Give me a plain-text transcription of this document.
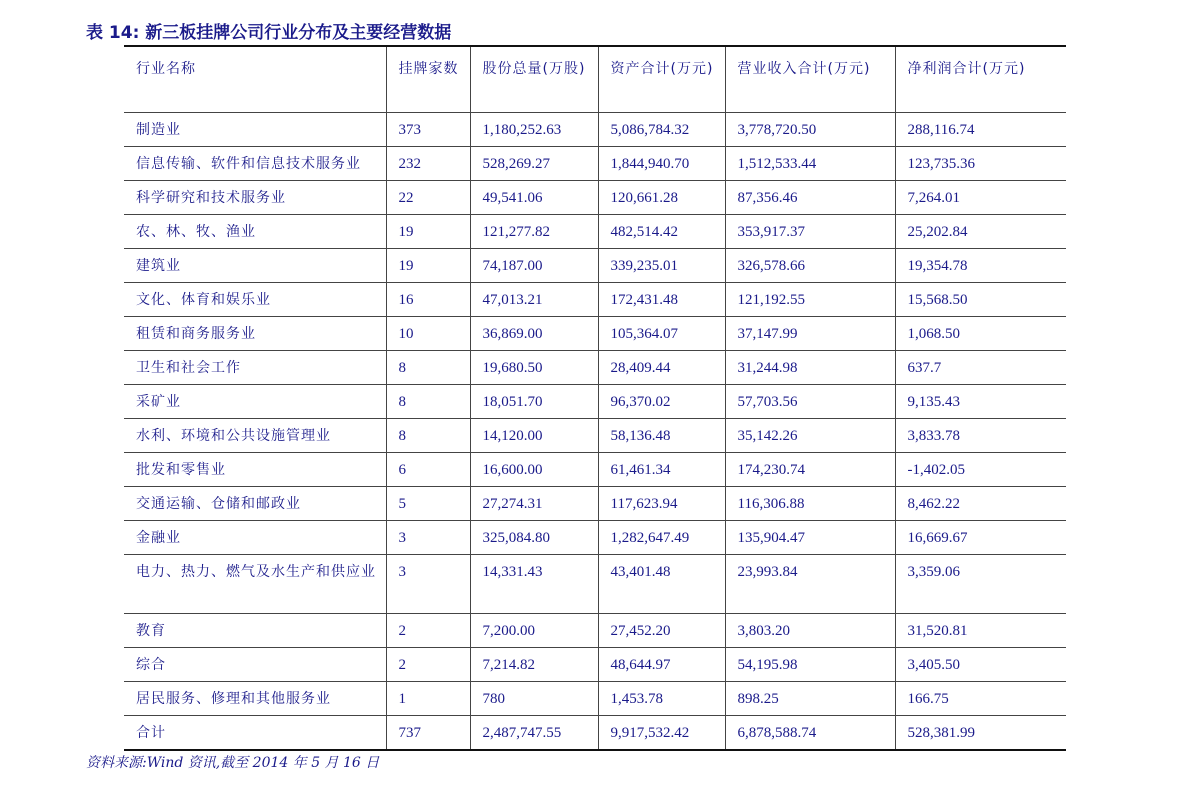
表 14: 新三板挂牌公司行业分布及主要经营数据
行业名称	挂牌家数	股份总量(万股)	资产合计(万元)	营业收入合计(万元)	净利润合计(万元)
制造业	373	1,180,252.63	5,086,784.32	3,778,720.50	288,116.74
信息传输、软件和信息技术服务业	232	528,269.27	1,844,940.70	1,512,533.44	123,735.36
科学研究和技术服务业	22	49,541.06	120,661.28	87,356.46	7,264.01
农、林、牧、渔业	19	121,277.82	482,514.42	353,917.37	25,202.84
建筑业	19	74,187.00	339,235.01	326,578.66	19,354.78
文化、体育和娱乐业	16	47,013.21	172,431.48	121,192.55	15,568.50
租赁和商务服务业	10	36,869.00	105,364.07	37,147.99	1,068.50
卫生和社会工作	8	19,680.50	28,409.44	31,244.98	637.7
采矿业	8	18,051.70	96,370.02	57,703.56	9,135.43
水利、环境和公共设施管理业	8	14,120.00	58,136.48	35,142.26	3,833.78
批发和零售业	6	16,600.00	61,461.34	174,230.74	-1,402.05
交通运输、仓储和邮政业	5	27,274.31	117,623.94	116,306.88	8,462.22
金融业	3	325,084.80	1,282,647.49	135,904.47	16,669.67
电力、热力、燃气及水生产和供应业	3	14,331.43	43,401.48	23,993.84	3,359.06
教育	2	7,200.00	27,452.20	3,803.20	31,520.81
综合	2	7,214.82	48,644.97	54,195.98	3,405.50
居民服务、修理和其他服务业	1	780	1,453.78	898.25	166.75
合计	737	2,487,747.55	9,917,532.42	6,878,588.74	528,381.99
资料来源:Wind 资讯,截至 2014 年 5 月 16 日
